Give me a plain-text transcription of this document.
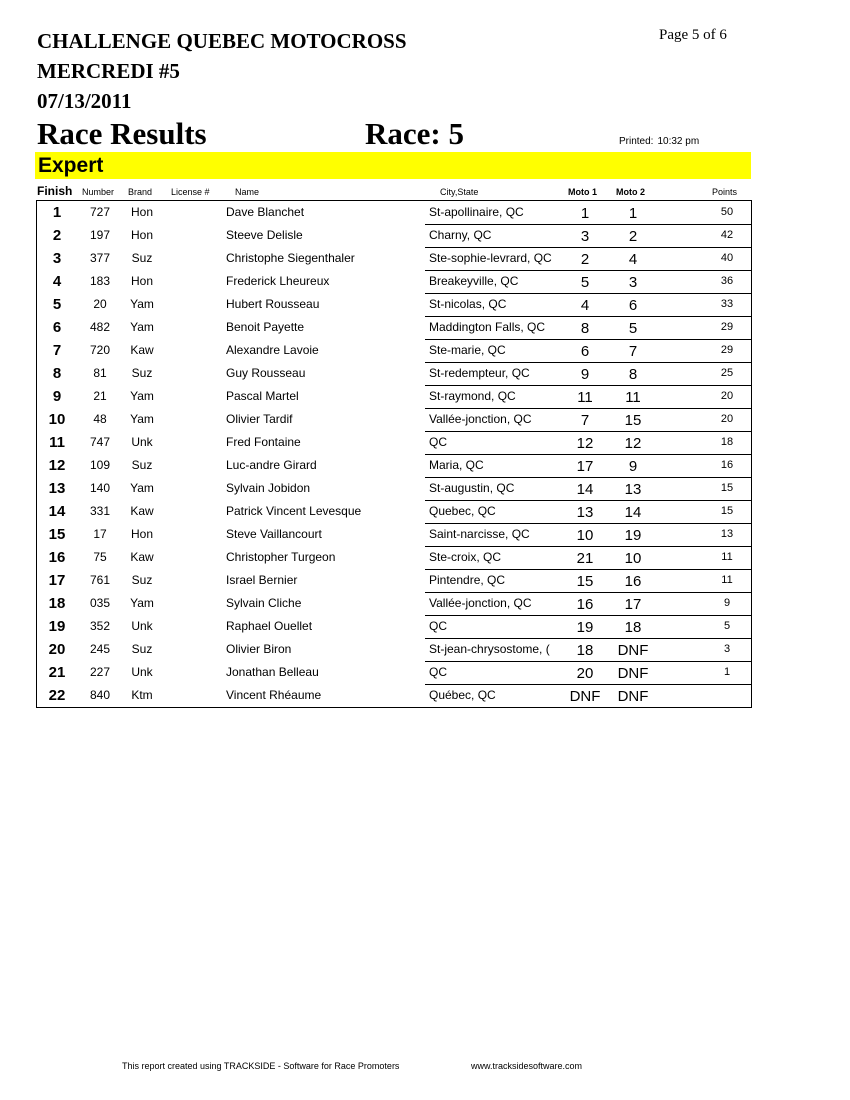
CHALLENGE QUEBEC MOTOCROSS
MERCREDI #5
07/13/2011
Page 5 of 6
Race Results	Race: 5	Printed: 10:32 pm
Expert
Finish Number Brand License #	Name	City,State	Moto 1 Moto 2	Points
1	727	Hon	Dave Blanchet	St-apollinaire, QC	1	1	50
2	197	Hon	Steeve Delisle	Charny, QC	3	2	42
3	377	Suz	Christophe Siegenthaler	Ste-sophie-levrard, QC	2	4	40
4	183	Hon	Frederick Lheureux	Breakeyville, QC	5	3	36
5	20	Yam	Hubert Rousseau	St-nicolas, QC	4	6	33
6	482	Yam	Benoit Payette	Maddington Falls, QC	8	5	29
7	720	Kaw	Alexandre Lavoie	Ste-marie, QC	6	7	29
8	81	Suz	Guy Rousseau	St-redempteur, QC	9	8	25
9	21	Yam	Pascal Martel	St-raymond, QC	11	11	20
10	48	Yam	Olivier Tardif	Vallée-jonction, QC	7	15	20
11	747	Unk	Fred Fontaine	QC	12	12	18
12	109	Suz	Luc-andre Girard	Maria, QC	17	9	16
13	140	Yam	Sylvain Jobidon	St-augustin, QC	14	13	15
14	331	Kaw	Patrick Vincent Levesque	Quebec, QC	13	14	15
15	17	Hon	Steve Vaillancourt	Saint-narcisse, QC	10	19	13
16	75	Kaw	Christopher Turgeon	Ste-croix, QC	21	10	11
17	761	Suz	Israel Bernier	Pintendre, QC	15	16	11
18	035	Yam	Sylvain Cliche	Vallée-jonction, QC	16	17	9
19	352	Unk	Raphael Ouellet	QC	19	18	5
20	245	Suz	Olivier Biron	St-jean-chrysostome, (	18	DNF	3
21	227	Unk	Jonathan Belleau	QC	20	DNF	1
22	840	Ktm	Vincent Rhéaume	Québec, QC	DNF	DNF
This report created using TRACKSIDE - Software for Race Promoters	www.tracksidesoftware.com
